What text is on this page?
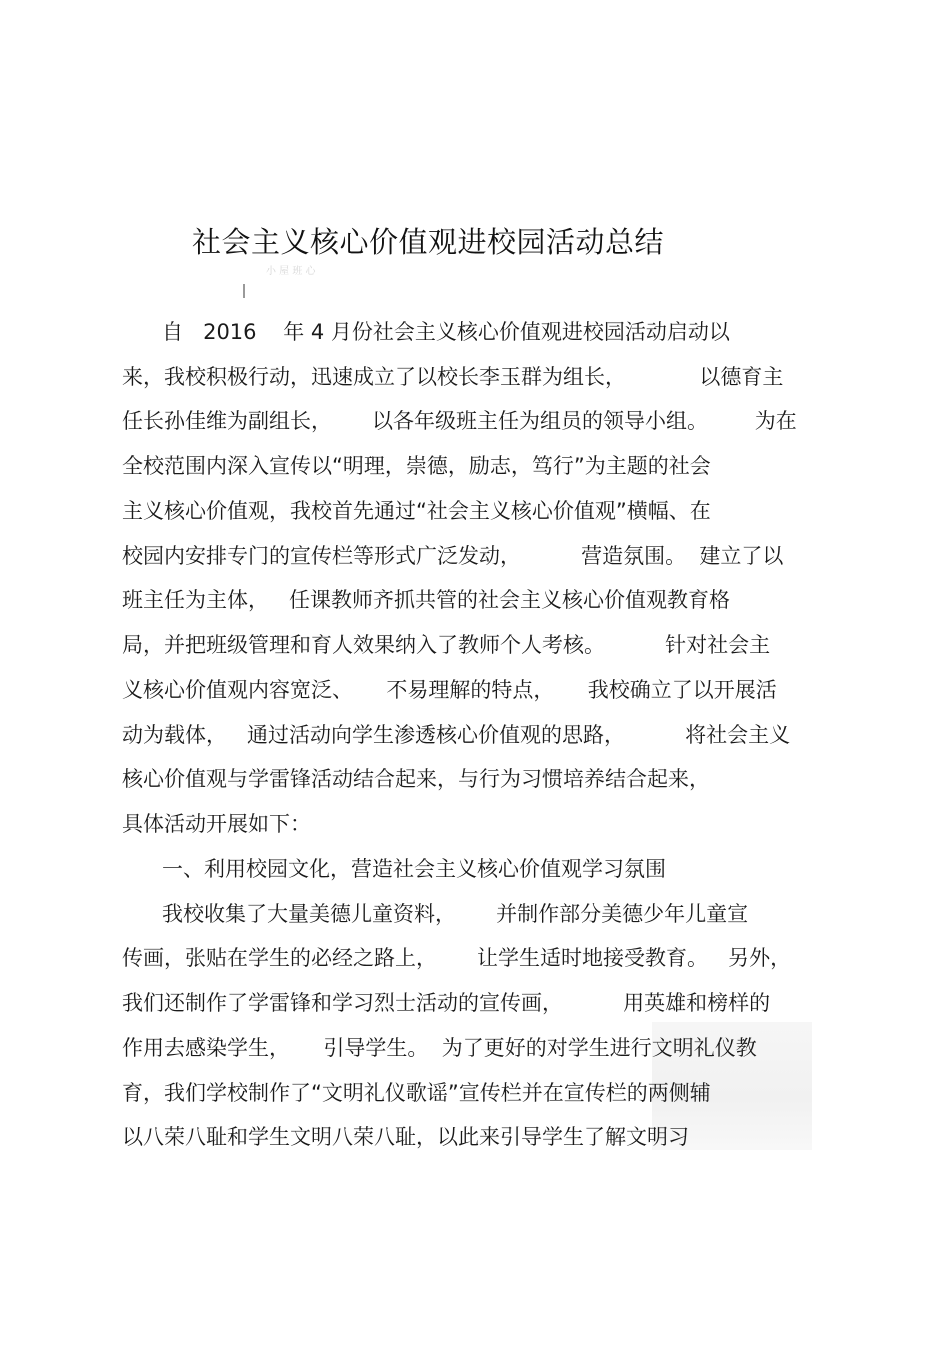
社会主义核心价值观进校园活动总结
小 屋 班 心
自   2016    年 4 月份社会主义核心价值观进校园活动启动以
来，我校积极行动，迅速成立了以校长李玉群为组长，           以德育主
任长孙佳维为副组长，      以各年级班主任为组员的领导小组。       为在
全校范围内深入宣传以“明理，崇德，励志，笃行”为主题的社会
主义核心价值观，我校首先通过“社会主义核心价值观”横幅、在
校园内安排专门的宣传栏等形式广泛发动，         营造氛围。  建立了以
班主任为主体，   任课教师齐抓共管的社会主义核心价值观教育格
局，并把班级管理和育人效果纳入了教师个人考核。         针对社会主
义核心价值观内容宽泛、     不易理解的特点，     我校确立了以开展活
动为载体，   通过活动向学生渗透核心价值观的思路，         将社会主义
核心价值观与学雷锋活动结合起来，与行为习惯培养结合起来，
具体活动开展如下：
一、利用校园文化，营造社会主义核心价值观学习氛围
我校收集了大量美德儿童资料，      并制作部分美德少年儿童宣
传画，张贴在学生的必经之路上，      让学生适时地接受教育。   另外，
我们还制作了学雷锋和学习烈士活动的宣传画，         用英雄和榜样的
作用去感染学生，     引导学生。  为了更好的对学生进行文明礼仪教
育，我们学校制作了“文明礼仪歌谣”宣传栏并在宣传栏的两侧辅
以八荣八耻和学生文明八荣八耻，以此来引导学生了解文明习
